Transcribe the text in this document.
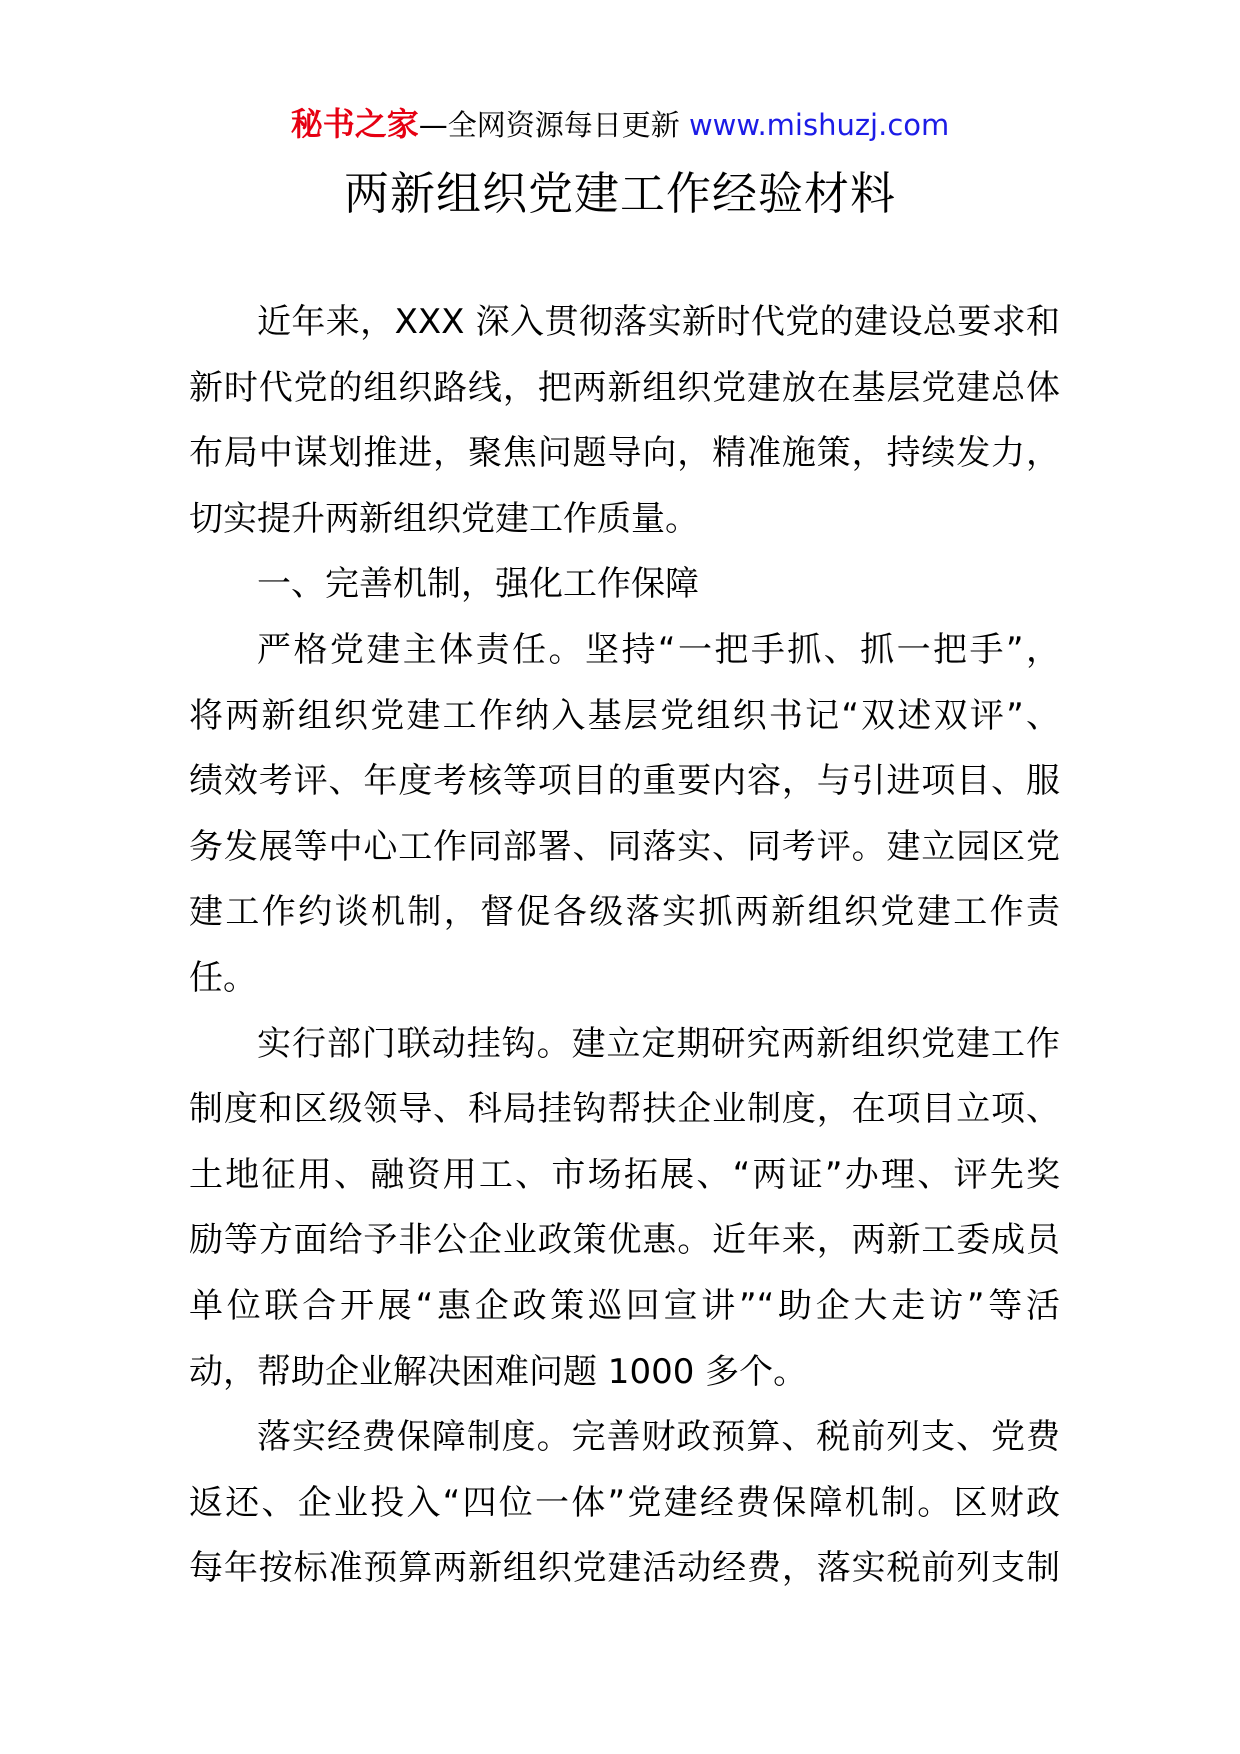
秘书之家—全网资源每日更新 www.mishuzj.com
两新组织党建工作经验材料
近年来，XXX 深入贯彻落实新时代党的建设总要求和
新时代党的组织路线，把两新组织党建放在基层党建总体
布局中谋划推进，聚焦问题导向，精准施策，持续发力，
切实提升两新组织党建工作质量。
一、完善机制，强化工作保障
严格党建主体责任。坚持“一把手抓、抓一把手”，
将两新组织党建工作纳入基层党组织书记“双述双评”、
绩效考评、年度考核等项目的重要内容，与引进项目、服
务发展等中心工作同部署、同落实、同考评。建立园区党
建工作约谈机制，督促各级落实抓两新组织党建工作责
任。
实行部门联动挂钩。建立定期研究两新组织党建工作
制度和区级领导、科局挂钩帮扶企业制度，在项目立项、
土地征用、融资用工、市场拓展、“两证”办理、评先奖
励等方面给予非公企业政策优惠。近年来，两新工委成员
单位联合开展“惠企政策巡回宣讲”“助企大走访”等活
动，帮助企业解决困难问题 1000 多个。
落实经费保障制度。完善财政预算、税前列支、党费
返还、企业投入“四位一体”党建经费保障机制。区财政
每年按标准预算两新组织党建活动经费，落实税前列支制
